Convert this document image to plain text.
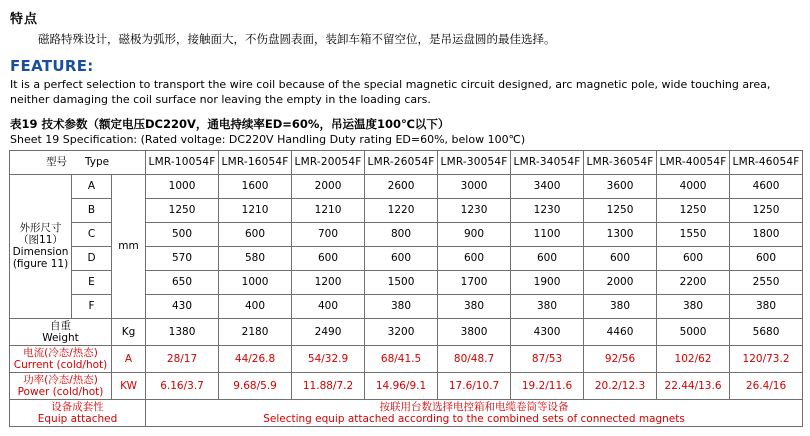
特点
磁路特殊设计，磁极为弧形，接触面大，不伤盘圆表面，装卸车箱不留空位，是吊运盘圆的最佳选择。
FEATURE:
It is a perfect selection to transport the wire coil because of the special magnetic circuit designed, arc magnetic pole, wide touching area, neither damaging the coil surface nor leaving the empty in the loading cars.
表19 技术参数（额定电压DC220V，通电持续率ED=60%，吊运温度100℃以下）
Sheet 19 Specification: (Rated voltage: DC220V Handling Duty rating ED=60%, below 100℃)
型号 Type			LMR-10054F	LMR-16054F	LMR-20054F	LMR-26054F	LMR-30054F	LMR-34054F	LMR-36054F	LMR-40054F	LMR-46054F

外形尺寸
（图11）
Dimension
(figure 11)	A	mm	1000	1600	2000	2600	3000	3400	3600	4000	4600
	B		1250	1210	1210	1220	1230	1230	1250	1250	1250
	C		500	600	700	800	900	1100	1300	1550	1800
	D		570	580	600	600	600	600	600	600	600
	E		650	1000	1200	1500	1700	1900	2000	2200	2550
	F		430	400	400	380	380	380	380	380	380

自重
Weight		Kg	1380	2180	2490	3200	3800	4300	4460	5000	5680

电流(冷态/热态)
Current (cold/hot)		A	28/17	44/26.8	54/32.9	68/41.5	80/48.7	87/53	92/56	102/62	120/73.2

功率(冷态/热态)
Power (cold/hot)		KW	6.16/3.7	9.68/5.9	11.88/7.2	14.96/9.1	17.6/10.7	19.2/11.6	20.2/12.3	22.44/13.6	26.4/16

设备成套性
Equip attached			按联用台数选择电控箱和电缆卷筒等设备
Selecting equip attached according to the combined sets of connected magnets								
